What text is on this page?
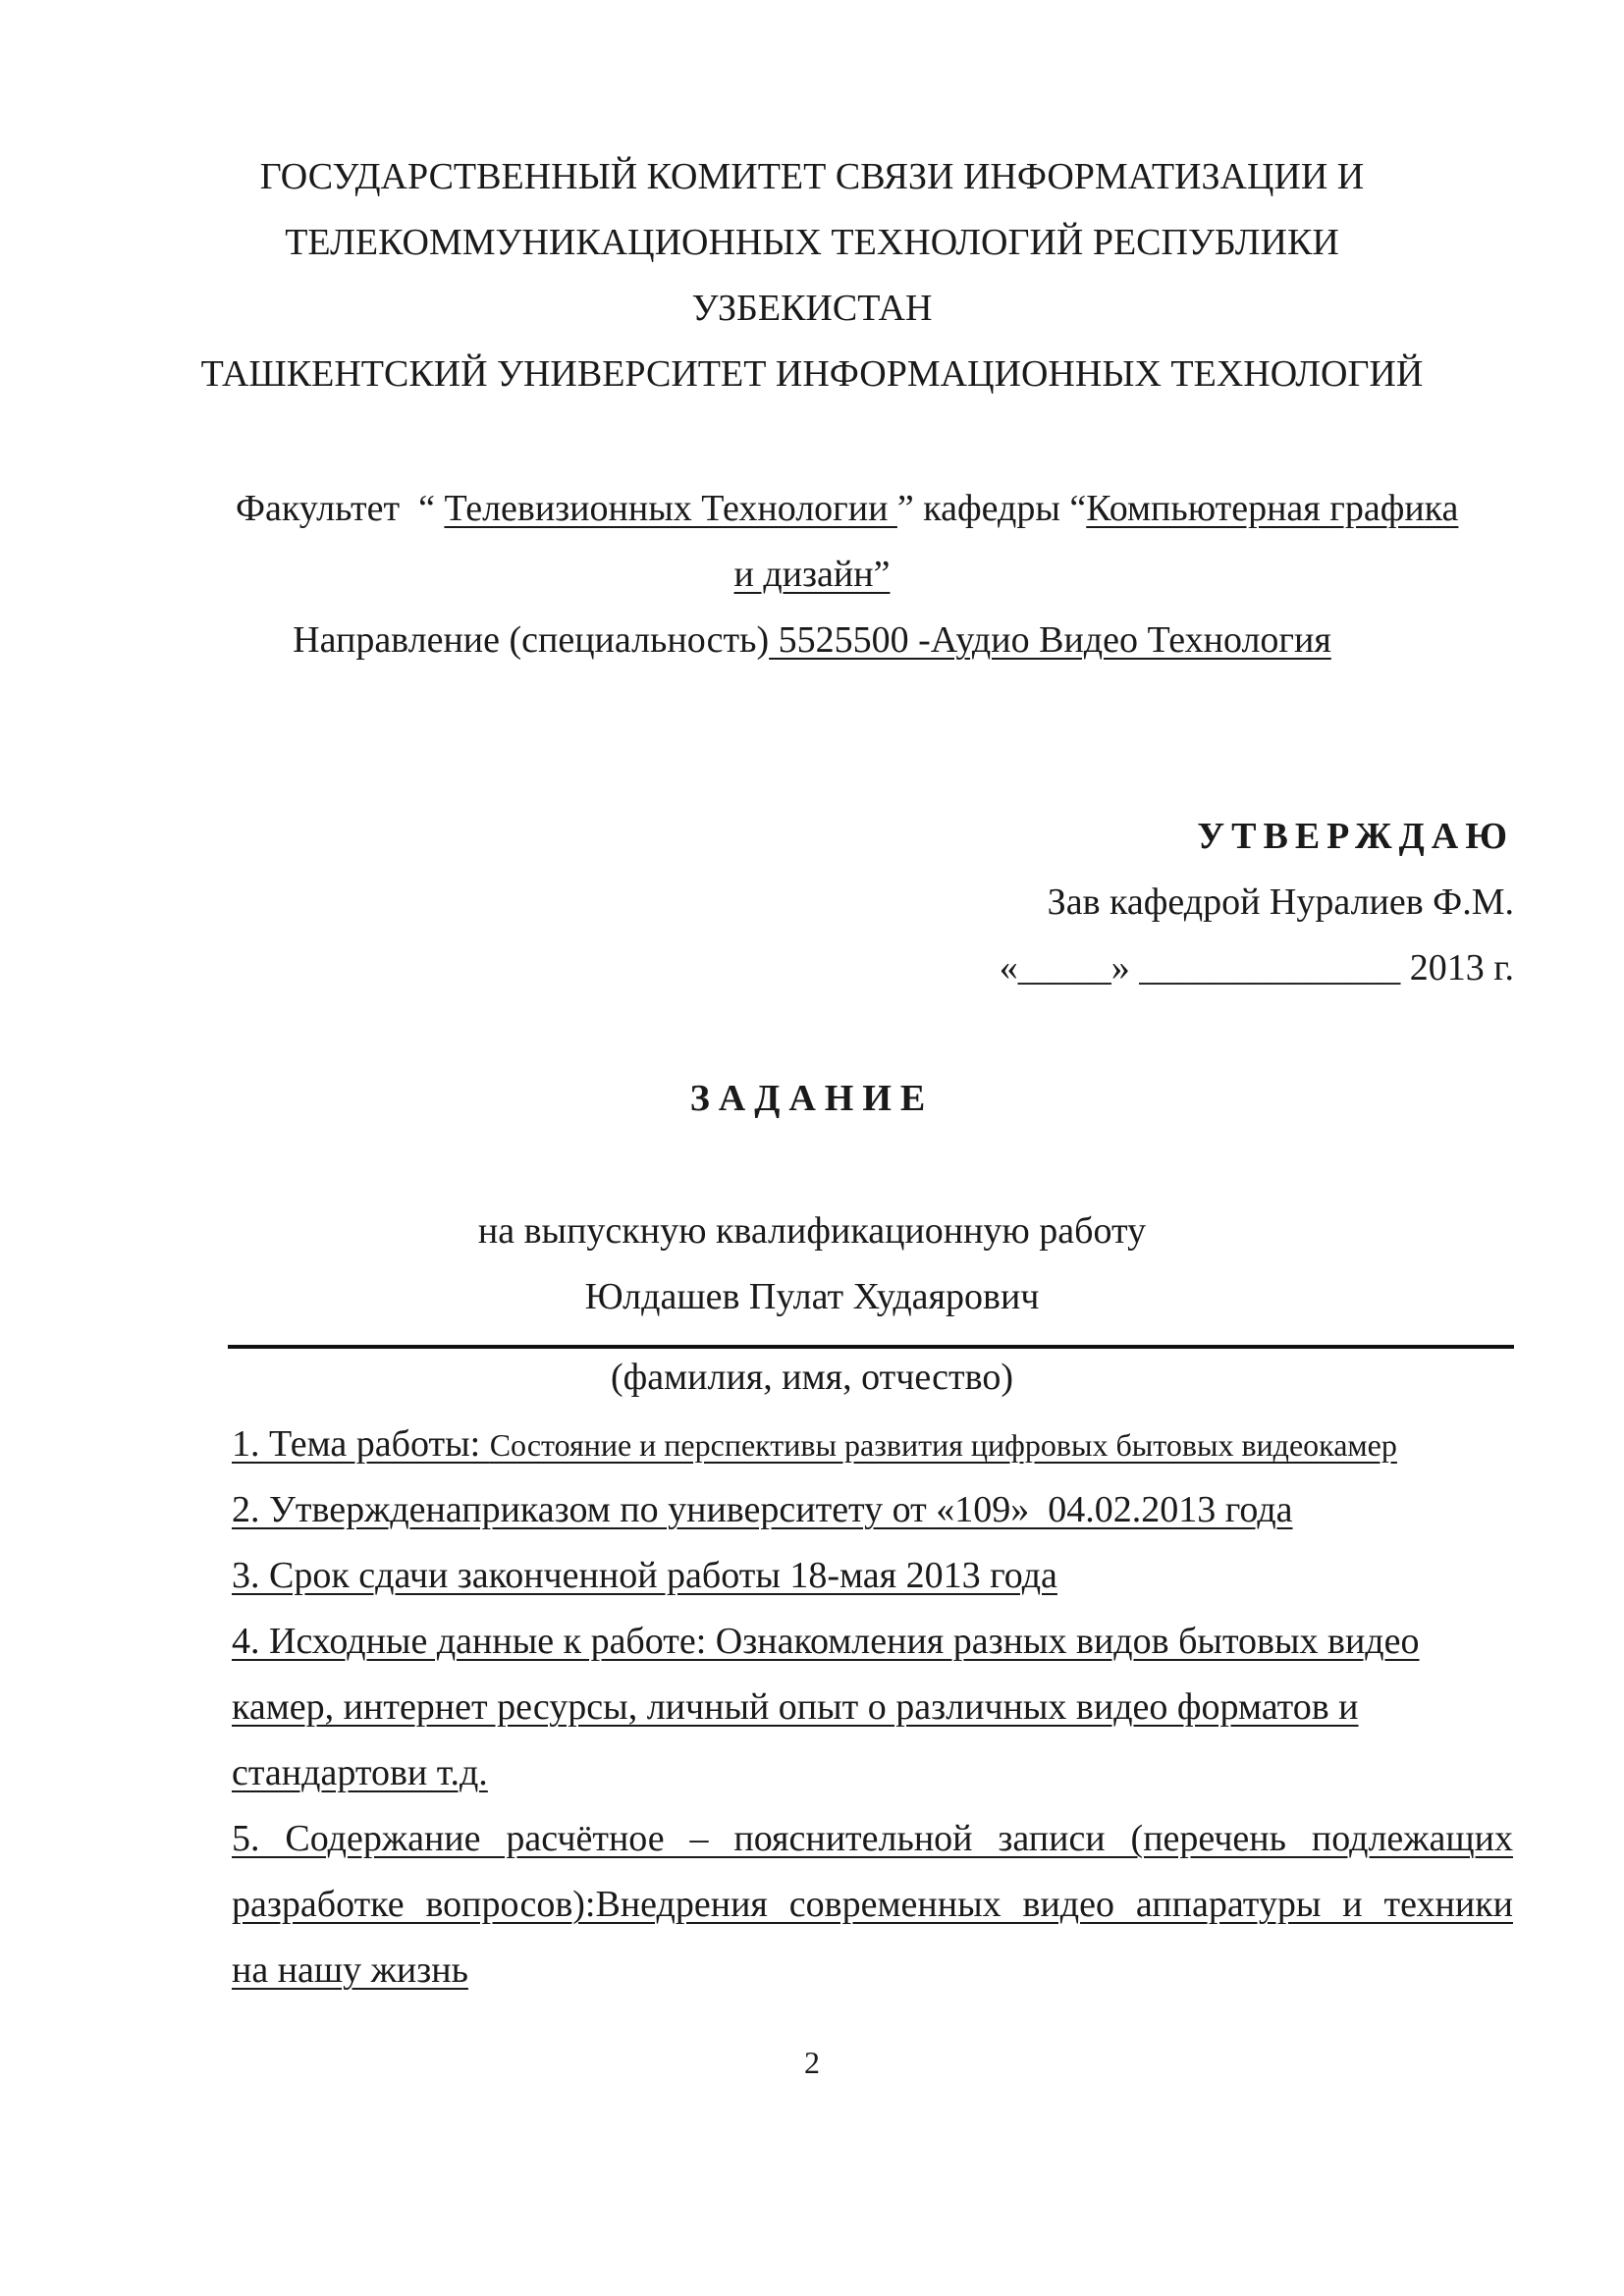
ГОСУДАРСТВЕННЫЙ КОМИТЕТ СВЯЗИ ИНФОРМАТИЗАЦИИ И
ТЕЛЕКОММУНИКАЦИОННЫХ ТЕХНОЛОГИЙ РЕСПУБЛИКИ
УЗБЕКИСТАН
ТАШКЕНТСКИЙ УНИВЕРСИТЕТ ИНФОРМАЦИОННЫХ ТЕХНОЛОГИЙ
Факультет  “ Телевизионных Технологии ” кафедры “Компьютерная графика
и дизайн”
Направление (специальность) 5525500 -Аудио Видео Технология
УТВЕРЖДАЮ
Зав кафедрой Нуралиев Ф.М.
«_____» ______________ 2013 г.
ЗАДАНИЕ
на выпускную квалификационную работу
Юлдашев Пулат Худаярович
(фамилия, имя, отчество)
1. Тема работы: Состояние и перспективы развития цифровых бытовых видеокамер
2. Утвержденаприказом по университету от «109»  04.02.2013 года
3. Срок сдачи законченной работы 18-мая 2013 года
4. Исходные данные к работе: Ознакомления разных видов бытовых видео
камер, интернет ресурсы, личный опыт о различных видео форматов и
стандартови т.д.
5. Содержание расчётное – пояснительной записи (перечень подлежащих
разработке вопросов):Внедрения современных видео аппаратуры и техники
на нашу жизнь
2
